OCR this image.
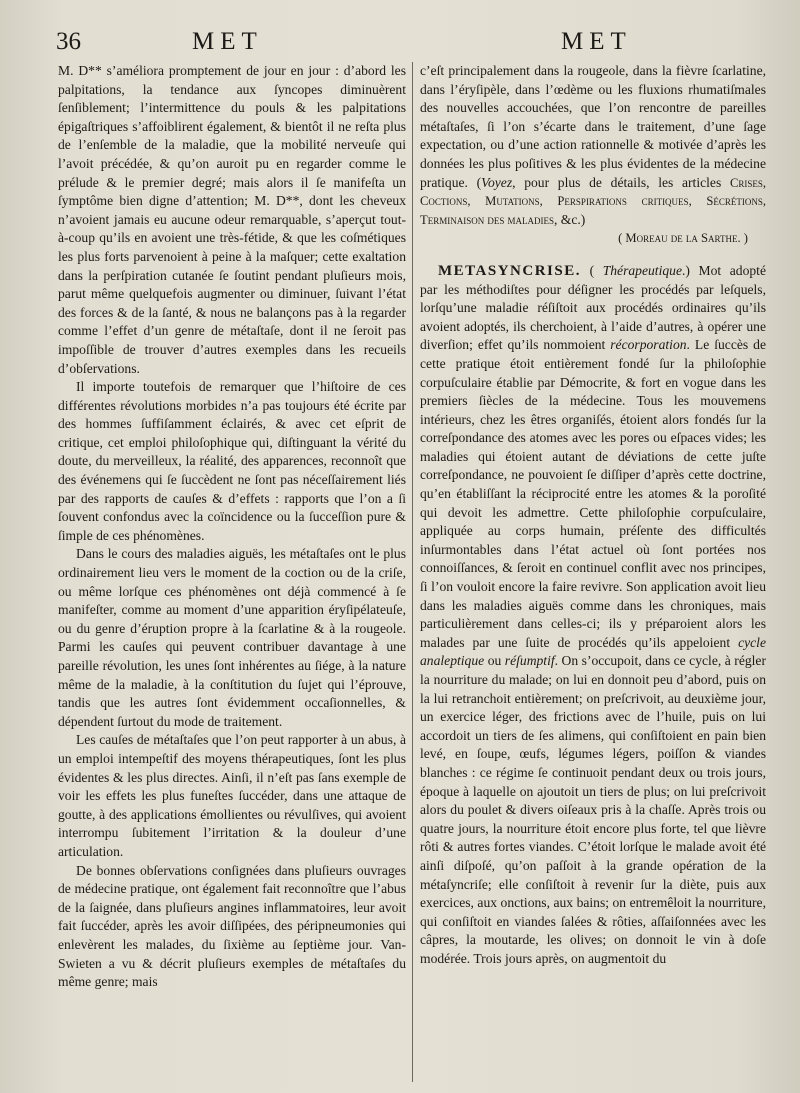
36	MET	MET

M. D** s’améliora promptement de jour en jour : d’abord les palpitations, la tendance aux ſyncopes diminuèrent ſenſiblement; l’intermittence du pouls & les palpitations épigaſtriques s’affoiblirent également, & bientôt il ne reſta plus de l’enſemble de la maladie, que la mobilité nerveuſe qui l’avoit précédée, & qu’on auroit pu en regarder comme le prélude & le premier degré; mais alors il ſe manifeſta un ſymptôme bien digne d’attention; M. D**, dont les cheveux n’avoient jamais eu aucune odeur remarquable, s’aperçut tout-à-coup qu’ils en avoient une très-fétide, & que les coſmétiques les plus forts parvenoient à peine à la maſquer; cette exaltation dans la perſpiration cutanée ſe ſoutint pendant pluſieurs mois, parut même quelquefois augmenter ou diminuer, ſuivant l’état des forces & de la ſanté, & nous ne balançons pas à la regarder comme l’effet d’un genre de métaſtaſe, dont il ne ſeroit pas impoſſible de trouver d’autres exemples dans les recueils d’obſervations.

Il importe toutefois de remarquer que l’hiſtoire de ces différentes révolutions morbides n’a pas toujours été écrite par des hommes ſuffiſamment éclairés, & avec cet eſprit de critique, cet emploi philoſophique qui, diſtinguant la vérité du doute, du merveilleux, la réalité, des apparences, reconnoît que des événemens qui ſe ſuccèdent ne ſont pas néceſſairement liés par des rapports de cauſes & d’effets : rapports que l’on a ſi ſouvent confondus avec la coïncidence ou la ſucceſſion pure & ſimple de ces phénomènes.

Dans le cours des maladies aiguës, les métaſtaſes ont le plus ordinairement lieu vers le moment de la coction ou de la criſe, ou même lorſque ces phénomènes ont déjà commencé à ſe manifeſter, comme au moment d’une apparition éryſipélateuſe, ou du genre d’éruption propre à la ſcarlatine & à la rougeole. Parmi les cauſes qui peuvent contribuer davantage à une pareille révolution, les unes ſont inhérentes au ſiége, à la nature même de la maladie, à la conſtitution du ſujet qui l’éprouve, tandis que les autres ſont évidemment occaſionnelles, & dépendent ſurtout du mode de traitement.

Les cauſes de métaſtaſes que l’on peut rapporter à un abus, à un emploi intempeſtif des moyens thérapeutiques, ſont les plus évidentes & les plus directes. Ainſi, il n’eſt pas ſans exemple de voir les effets les plus funeſtes ſuccéder, dans une attaque de goutte, à des applications émollientes ou révulſives, qui avoient interrompu ſubitement l’irritation & la douleur d’une articulation.

De bonnes obſervations conſignées dans pluſieurs ouvrages de médecine pratique, ont également fait reconnoître que l’abus de la ſaignée, dans pluſieurs angines inflammatoires, leur avoit fait ſuccéder, après les avoir diſſipées, des péripneumonies qui enlevèrent les malades, du ſixième au ſeptième jour. Van-Swieten a vu & décrit pluſieurs exemples de métaſtaſes du même genre; mais

c’eſt principalement dans la rougeole, dans la fièvre ſcarlatine, dans l’éryſipèle, dans l’œdème ou les fluxions rhumatiſmales des nouvelles accouchées, que l’on rencontre de pareilles métaſtaſes, ſi l’on s’écarte dans le traitement, d’une ſage expectation, ou d’une action rationnelle & motivée d’après les données les plus poſitives & les plus évidentes de la médecine pratique. (Voyez, pour plus de détails, les articles Crises, Coctions, Mutations, Perspirations critiques, Sécrétions, Terminaison des maladies, &c.)

( Moreau de la Sarthe. )

METASYNCRISE. ( Thérapeutique.) Mot adopté par les méthodiſtes pour déſigner les procédés par leſquels, lorſqu’une maladie réſiſtoit aux procédés ordinaires qu’ils avoient adoptés, ils cherchoient, à l’aide d’autres, à opérer une diverſion; effet qu’ils nommoient récorporation. Le ſuccès de cette pratique étoit entièrement fondé ſur la philoſophie corpuſculaire établie par Démocrite, & fort en vogue dans les premiers ſiècles de la médecine. Tous les mouvemens intérieurs, chez les êtres organiſés, étoient alors fondés ſur la correſpondance des atomes avec les pores ou eſpaces vides; les maladies qui étoient autant de déviations de cette juſte correſpondance, ne pouvoient ſe diſſiper d’après cette doctrine, qu’en établiſſant la réciprocité entre les atomes & la poroſité qui devoit les admettre. Cette philoſophie corpuſculaire, appliquée au corps humain, préſente des difficultés inſurmontables dans l’état actuel où ſont portées nos connoiſſances, & ſeroit en continuel conflit avec nos principes, ſi l’on vouloit encore la faire revivre. Son application avoit lieu dans les maladies aiguës comme dans les chroniques, mais particulièrement dans celles-ci; ils y préparoient alors les malades par une ſuite de procédés qu’ils appeloient cycle analeptique ou réſumptif. On s’occupoit, dans ce cycle, à régler la nourriture du malade; on lui en donnoit peu d’abord, puis on la lui retranchoit entièrement; on preſcrivoit, au deuxième jour, un exercice léger, des frictions avec de l’huile, puis on lui accordoit un tiers de ſes alimens, qui conſiſtoient en pain bien levé, en ſoupe, œufs, légumes légers, poiſſon & viandes blanches : ce régime ſe continuoit pendant deux ou trois jours, époque à laquelle on ajoutoit un tiers de plus; on lui preſcrivoit alors du poulet & divers oiſeaux pris à la chaſſe. Après trois ou quatre jours, la nourriture étoit encore plus forte, tel que lièvre rôti & autres fortes viandes. C’étoit lorſque le malade avoit été ainſi diſpoſé, qu’on paſſoit à la grande opération de la métaſyncriſe; elle conſiſtoit à revenir ſur la diète, puis aux exercices, aux onctions, aux bains; on entremêloit la nourriture, qui conſiſtoit en viandes ſalées & rôties, aſſaiſonnées avec les câpres, la moutarde, les olives; on donnoit le vin à doſe modérée. Trois jours après, on augmentoit du
